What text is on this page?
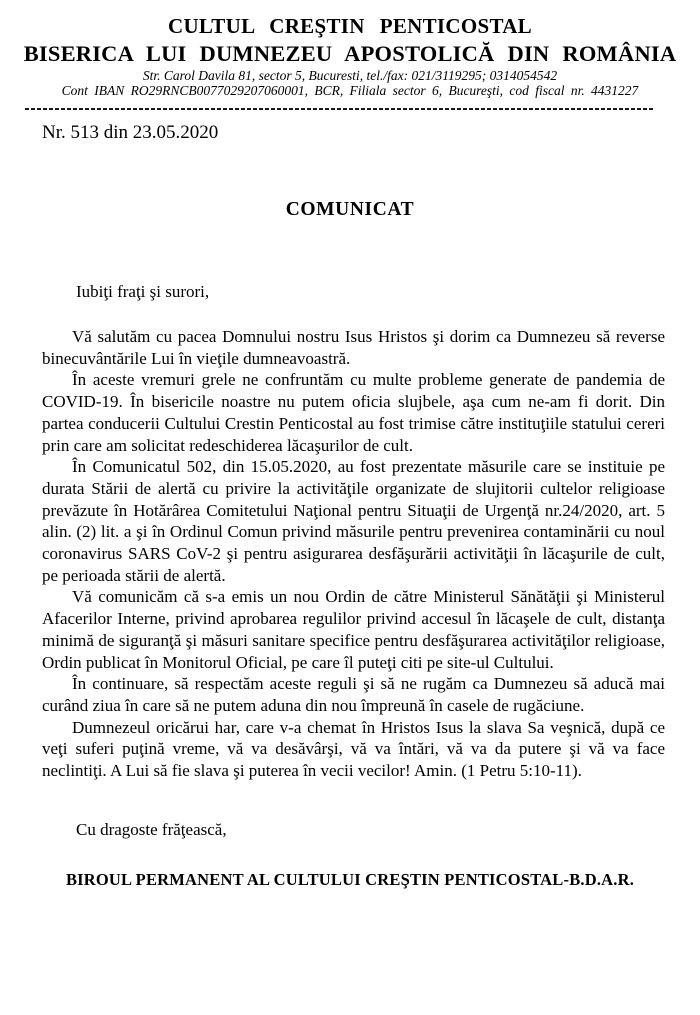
CULTUL CREŞTIN PENTICOSTAL
BISERICA LUI DUMNEZEU APOSTOLICĂ DIN ROMÂNIA
Str. Carol Davila 81, sector 5, Bucuresti, tel./fax: 021/3119295; 0314054542
Cont IBAN RO29RNCB0077029207060001, BCR, Filiala sector 6, Bucureşti, cod fiscal nr. 4431227
Nr. 513 din 23.05.2020
COMUNICAT
Iubiţi fraţi şi surori,

Vă salutăm cu pacea Domnului nostru Isus Hristos şi dorim ca Dumnezeu să reverse binecuvântările Lui în vieţile dumneavoastră.

În aceste vremuri grele ne confruntăm cu multe probleme generate de pandemia de COVID-19. În bisericile noastre nu putem oficia slujbele, aşa cum ne-am fi dorit. Din partea conducerii Cultului Crestin Penticostal au fost trimise către instituţiile statului cereri prin care am solicitat redeschiderea lăcaşurilor de cult.

În Comunicatul 502, din 15.05.2020, au fost prezentate măsurile care se instituie pe durata Stării de alertă cu privire la activităţile organizate de slujitorii cultelor religioase prevăzute în Hotărârea Comitetului Naţional pentru Situaţii de Urgenţă nr.24/2020, art. 5 alin. (2) lit. a şi în Ordinul Comun privind măsurile pentru prevenirea contaminării cu noul coronavirus SARS CoV-2 şi pentru asigurarea desfăşurării activităţii în lăcaşurile de cult, pe perioada stării de alertă.

Vă comunicăm că s-a emis un nou Ordin de către Ministerul Sănătăţii şi Ministerul Afacerilor Interne, privind aprobarea regulilor privind accesul în lăcaşele de cult, distanţa minimă de siguranţă şi măsuri sanitare specifice pentru desfăşurarea activităţilor religioase, Ordin publicat în Monitorul Oficial, pe care îl puteţi citi pe site-ul Cultului.

În continuare, să respectăm aceste reguli şi să ne rugăm ca Dumnezeu să aducă mai curând ziua în care să ne putem aduna din nou împreună în casele de rugăciune.

Dumnezeul oricărui har, care v-a chemat în Hristos Isus la slava Sa veşnică, după ce veţi suferi puţină vreme, vă va desăvârşi, vă va întări, vă va da putere şi vă va face neclintiţi. A Lui să fie slava şi puterea în vecii vecilor! Amin. (1 Petru 5:10-11).

Cu dragoste frăţească,
BIROUL PERMANENT AL CULTULUI CREŞTIN PENTICOSTAL-B.D.A.R.
